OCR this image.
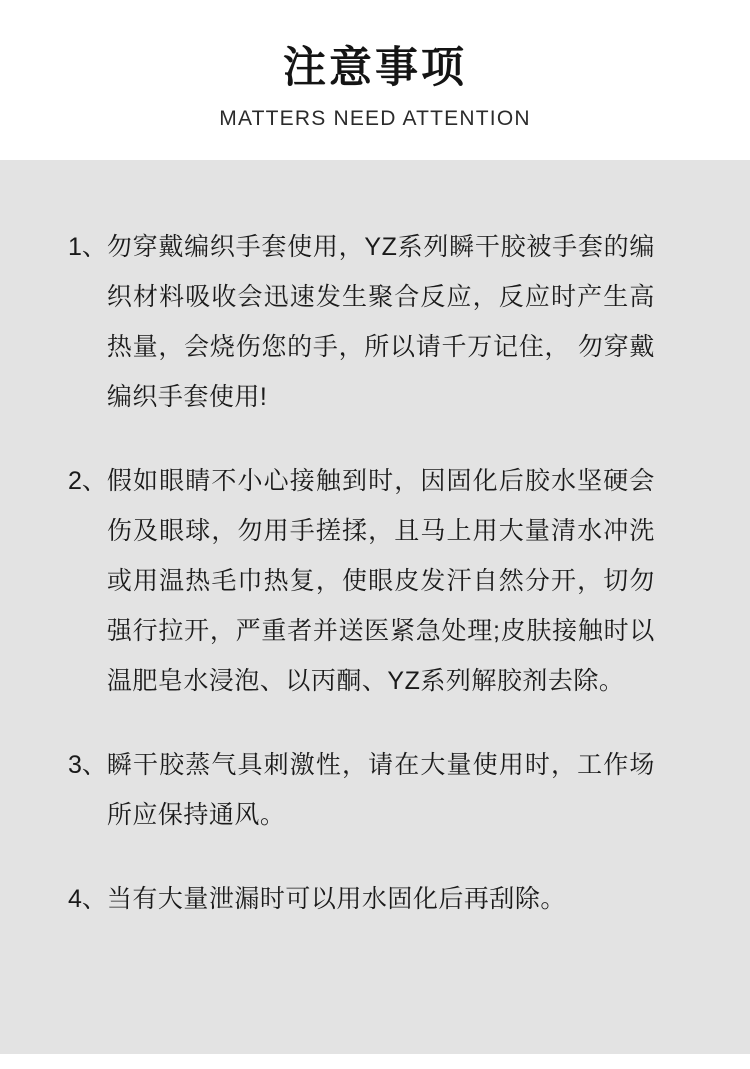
注意事项
MATTERS NEED ATTENTION
1、 勿穿戴编织手套使用，YZ系列瞬干胶被手套的编织材料吸收会迅速发生聚合反应，反应时产生高热量，会烧伤您的手，所以请千万记住， 勿穿戴编织手套使用!
2、 假如眼睛不小心接触到时，因固化后胶水坚硬会伤及眼球，勿用手搓揉，且马上用大量清水冲洗或用温热毛巾热复，使眼皮发汗自然分开，切勿强行拉开，严重者并送医紧急处理;皮肤接触时以温肥皂水浸泡、以丙酮、YZ系列解胶剂去除。
3、 瞬干胶蒸气具刺激性，请在大量使用时，工作场所应保持通风。
4、 当有大量泄漏时可以用水固化后再刮除。
